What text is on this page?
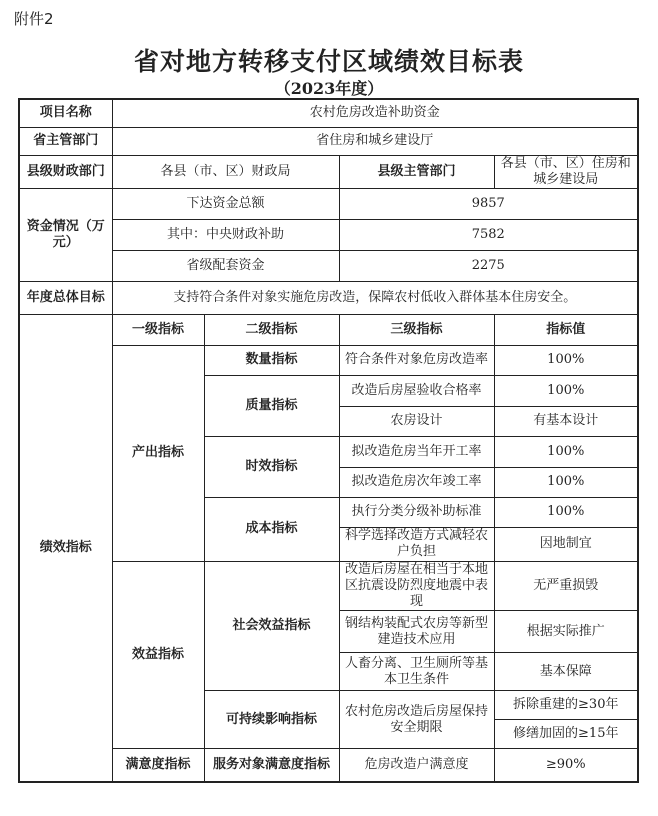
附件2
省对地方转移支付区域绩效目标表
（2023年度）
项目名称	农村危房改造补助资金			
省主管部门	省住房和城乡建设厅			
县级财政部门	各县（市、区）财政局		县级主管部门	各县（市、区）住房和城乡建设局
资金情况（万元）	下达资金总额		9857	
	其中：中央财政补助		7582	
	省级配套资金		2275	
年度总体目标	支持符合条件对象实施危房改造，保障农村低收入群体基本住房安全。			
绩效指标	一级指标	二级指标	三级指标	指标值
	产出指标	数量指标	符合条件对象危房改造率	100%
		质量指标	改造后房屋验收合格率	100%
			农房设计	有基本设计
		时效指标	拟改造危房当年开工率	100%
			拟改造危房次年竣工率	100%
		成本指标	执行分类分级补助标准	100%
			科学选择改造方式减轻农户负担	因地制宜
	效益指标	社会效益指标	改造后房屋在相当于本地区抗震设防烈度地震中表现	无严重损毁
			钢结构装配式农房等新型建造技术应用	根据实际推广
			人畜分离、卫生厕所等基本卫生条件	基本保障
		可持续影响指标	农村危房改造后房屋保持安全期限	拆除重建的≥30年
				修缮加固的≥15年
	满意度指标	服务对象满意度指标	危房改造户满意度	≥90%
